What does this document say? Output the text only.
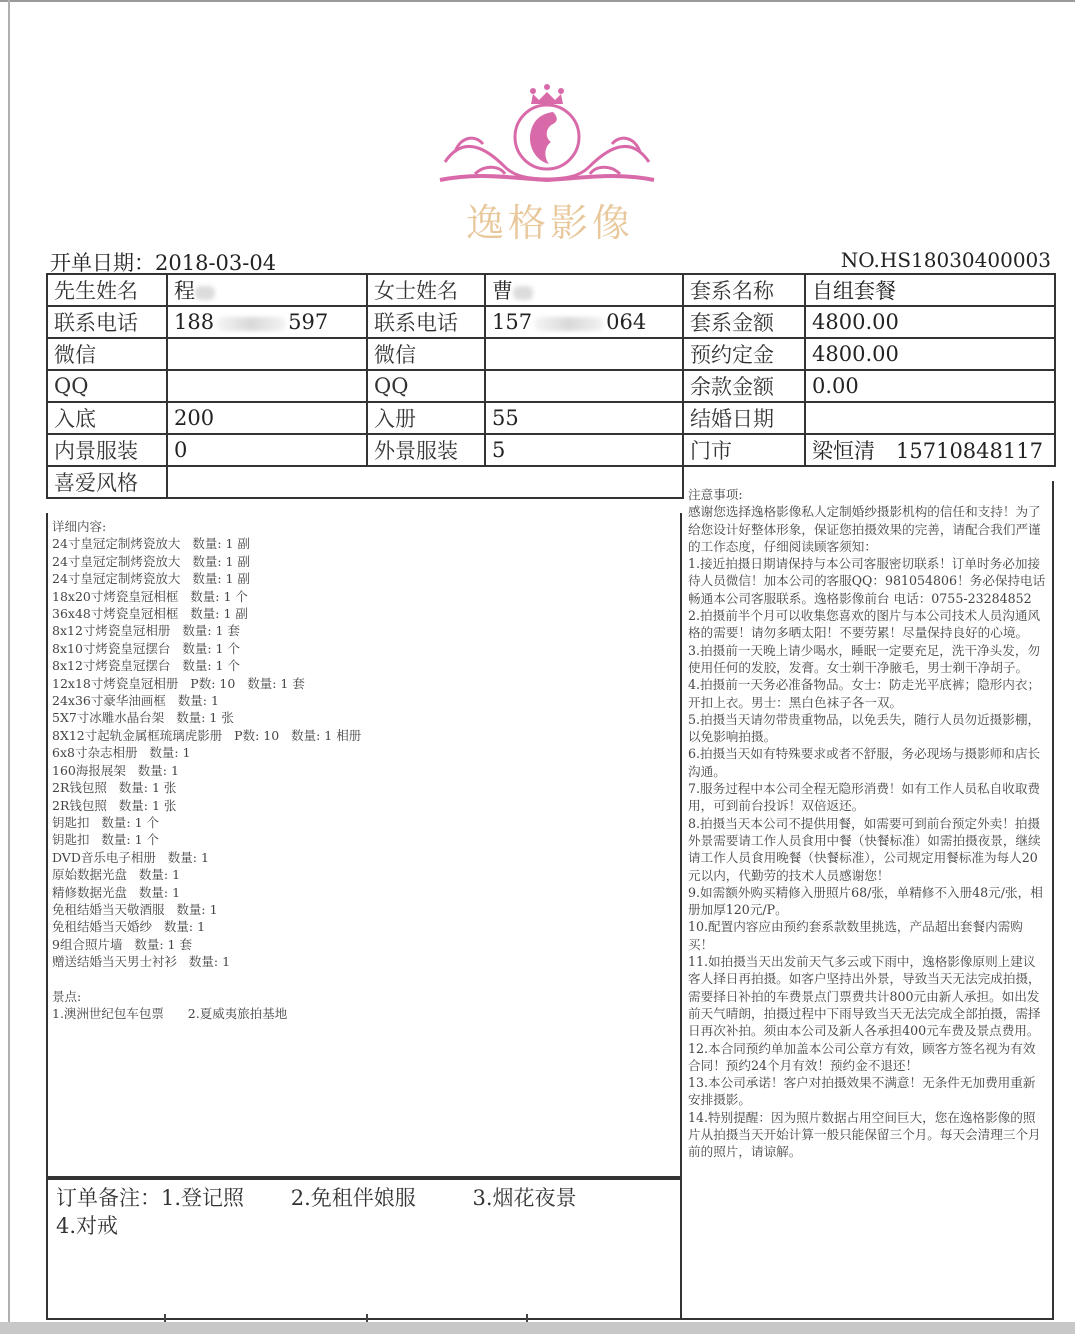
逸格影像
开单日期：2018-03-04	NO.HS18030400003
先生姓名	程	女士姓名	曹	套系名称	自组套餐
联系电话	188 597	联系电话	157 064	套系金额	4800.00
微信		微信		预约定金	4800.00
QQ		QQ		余款金额	0.00
入底	200	入册	55	结婚日期	
内景服装	0	外景服装	5	门市	梁恒清　15710848117
喜爱风格					
详细内容:
24寸皇冠定制烤瓷放大   数量: 1 副
24寸皇冠定制烤瓷放大   数量: 1 副
24寸皇冠定制烤瓷放大   数量: 1 副
18x20寸烤瓷皇冠相框   数量: 1 个
36x48寸烤瓷皇冠相框   数量: 1 副
8x12寸烤瓷皇冠相册   数量: 1 套
8x10寸烤瓷皇冠摆台   数量: 1 个
8x12寸烤瓷皇冠摆台   数量: 1 个
12x18寸烤瓷皇冠相册   P数: 10   数量: 1 套
24x36寸豪华油画框   数量: 1
5X7寸冰雕水晶台架   数量: 1 张
8X12寸起轨金属框琉璃虎影册   P数: 10   数量: 1 相册
6x8寸杂志相册   数量: 1
160海报展架   数量: 1
2R钱包照   数量: 1 张
2R钱包照   数量: 1 张
钥匙扣   数量: 1 个
钥匙扣   数量: 1 个
DVD音乐电子相册   数量: 1
原始数据光盘   数量: 1
精修数据光盘   数量: 1
免租结婚当天敬酒服   数量: 1
免租结婚当天婚纱   数量: 1
9组合照片墙   数量: 1 套
赠送结婚当天男士衬衫   数量: 1

景点:
1.澳洲世纪包车包票      2.夏威夷旅拍基地

注意事项:

感谢您选择逸格影像私人定制婚纱摄影机构的信任和支持！为了给您设计好整体形象，保证您拍摄效果的完善，请配合我们严谨的工作态度，仔细阅读顾客须知：

1.接近拍摄日期请保持与本公司客服密切联系！订单时务必加接待人员微信！加本公司的客服QQ：981054806！务必保持电话畅通本公司客服联系。逸格影像前台 电话：0755-23284852

2.拍摄前半个月可以收集您喜欢的图片与本公司技术人员沟通风格的需要！请勿多晒太阳！不要劳累！尽量保持良好的心境。

3.拍摄前一天晚上请少喝水，睡眠一定要充足，洗干净头发，勿使用任何的发胶，发膏。女士剃干净腋毛，男士剃干净胡子。

4.拍摄前一天务必准备物品。女士：防走光平底裤；隐形内衣；开扣上衣。男士：黑白色袜子各一双。

5.拍摄当天请勿带贵重物品，以免丢失，随行人员勿近摄影棚，以免影响拍摄。

6.拍摄当天如有特殊要求或者不舒服，务必现场与摄影师和店长沟通。

7.服务过程中本公司全程无隐形消费！如有工作人员私自收取费用，可到前台投诉！双倍返还。

8.拍摄当天本公司不提供用餐，如需要可到前台预定外卖！拍摄外景需要请工作人员食用中餐（快餐标准）如需拍摄夜景，继续请工作人员食用晚餐（快餐标准），公司规定用餐标准为每人20元以内，代勤劳的技术人员感谢您！

9.如需额外购买精修入册照片68/张，单精修不入册48元/张，相册加厚120元/P。

10.配置内容应由预约套系款数里挑选，产品超出套餐内需购买！

11.如拍摄当天出发前天气多云或下雨中，逸格影像原则上建议客人择日再拍摄。如客户坚持出外景，导致当天无法完成拍摄，需要择日补拍的车费景点门票费共计800元由新人承担。如出发前天气晴朗，拍摄过程中下雨导致当天无法完成全部拍摄，需择日再次补拍。须由本公司及新人各承担400元车费及景点费用。

12.本合同预约单加盖本公司公章方有效，顾客方签名视为有效合同！预约24个月有效！预约金不退还！

13.本公司承诺！客户对拍摄效果不满意！无条件无加费用重新安排摄影。

14.特别提醒：因为照片数据占用空间巨大，您在逸格影像的照片从拍摄当天开始计算一般只能保留三个月。每天会清理三个月前的照片，请谅解。

订单备注：1.登记照 2.免租伴娘服	3.烟花夜景
4.对戒
